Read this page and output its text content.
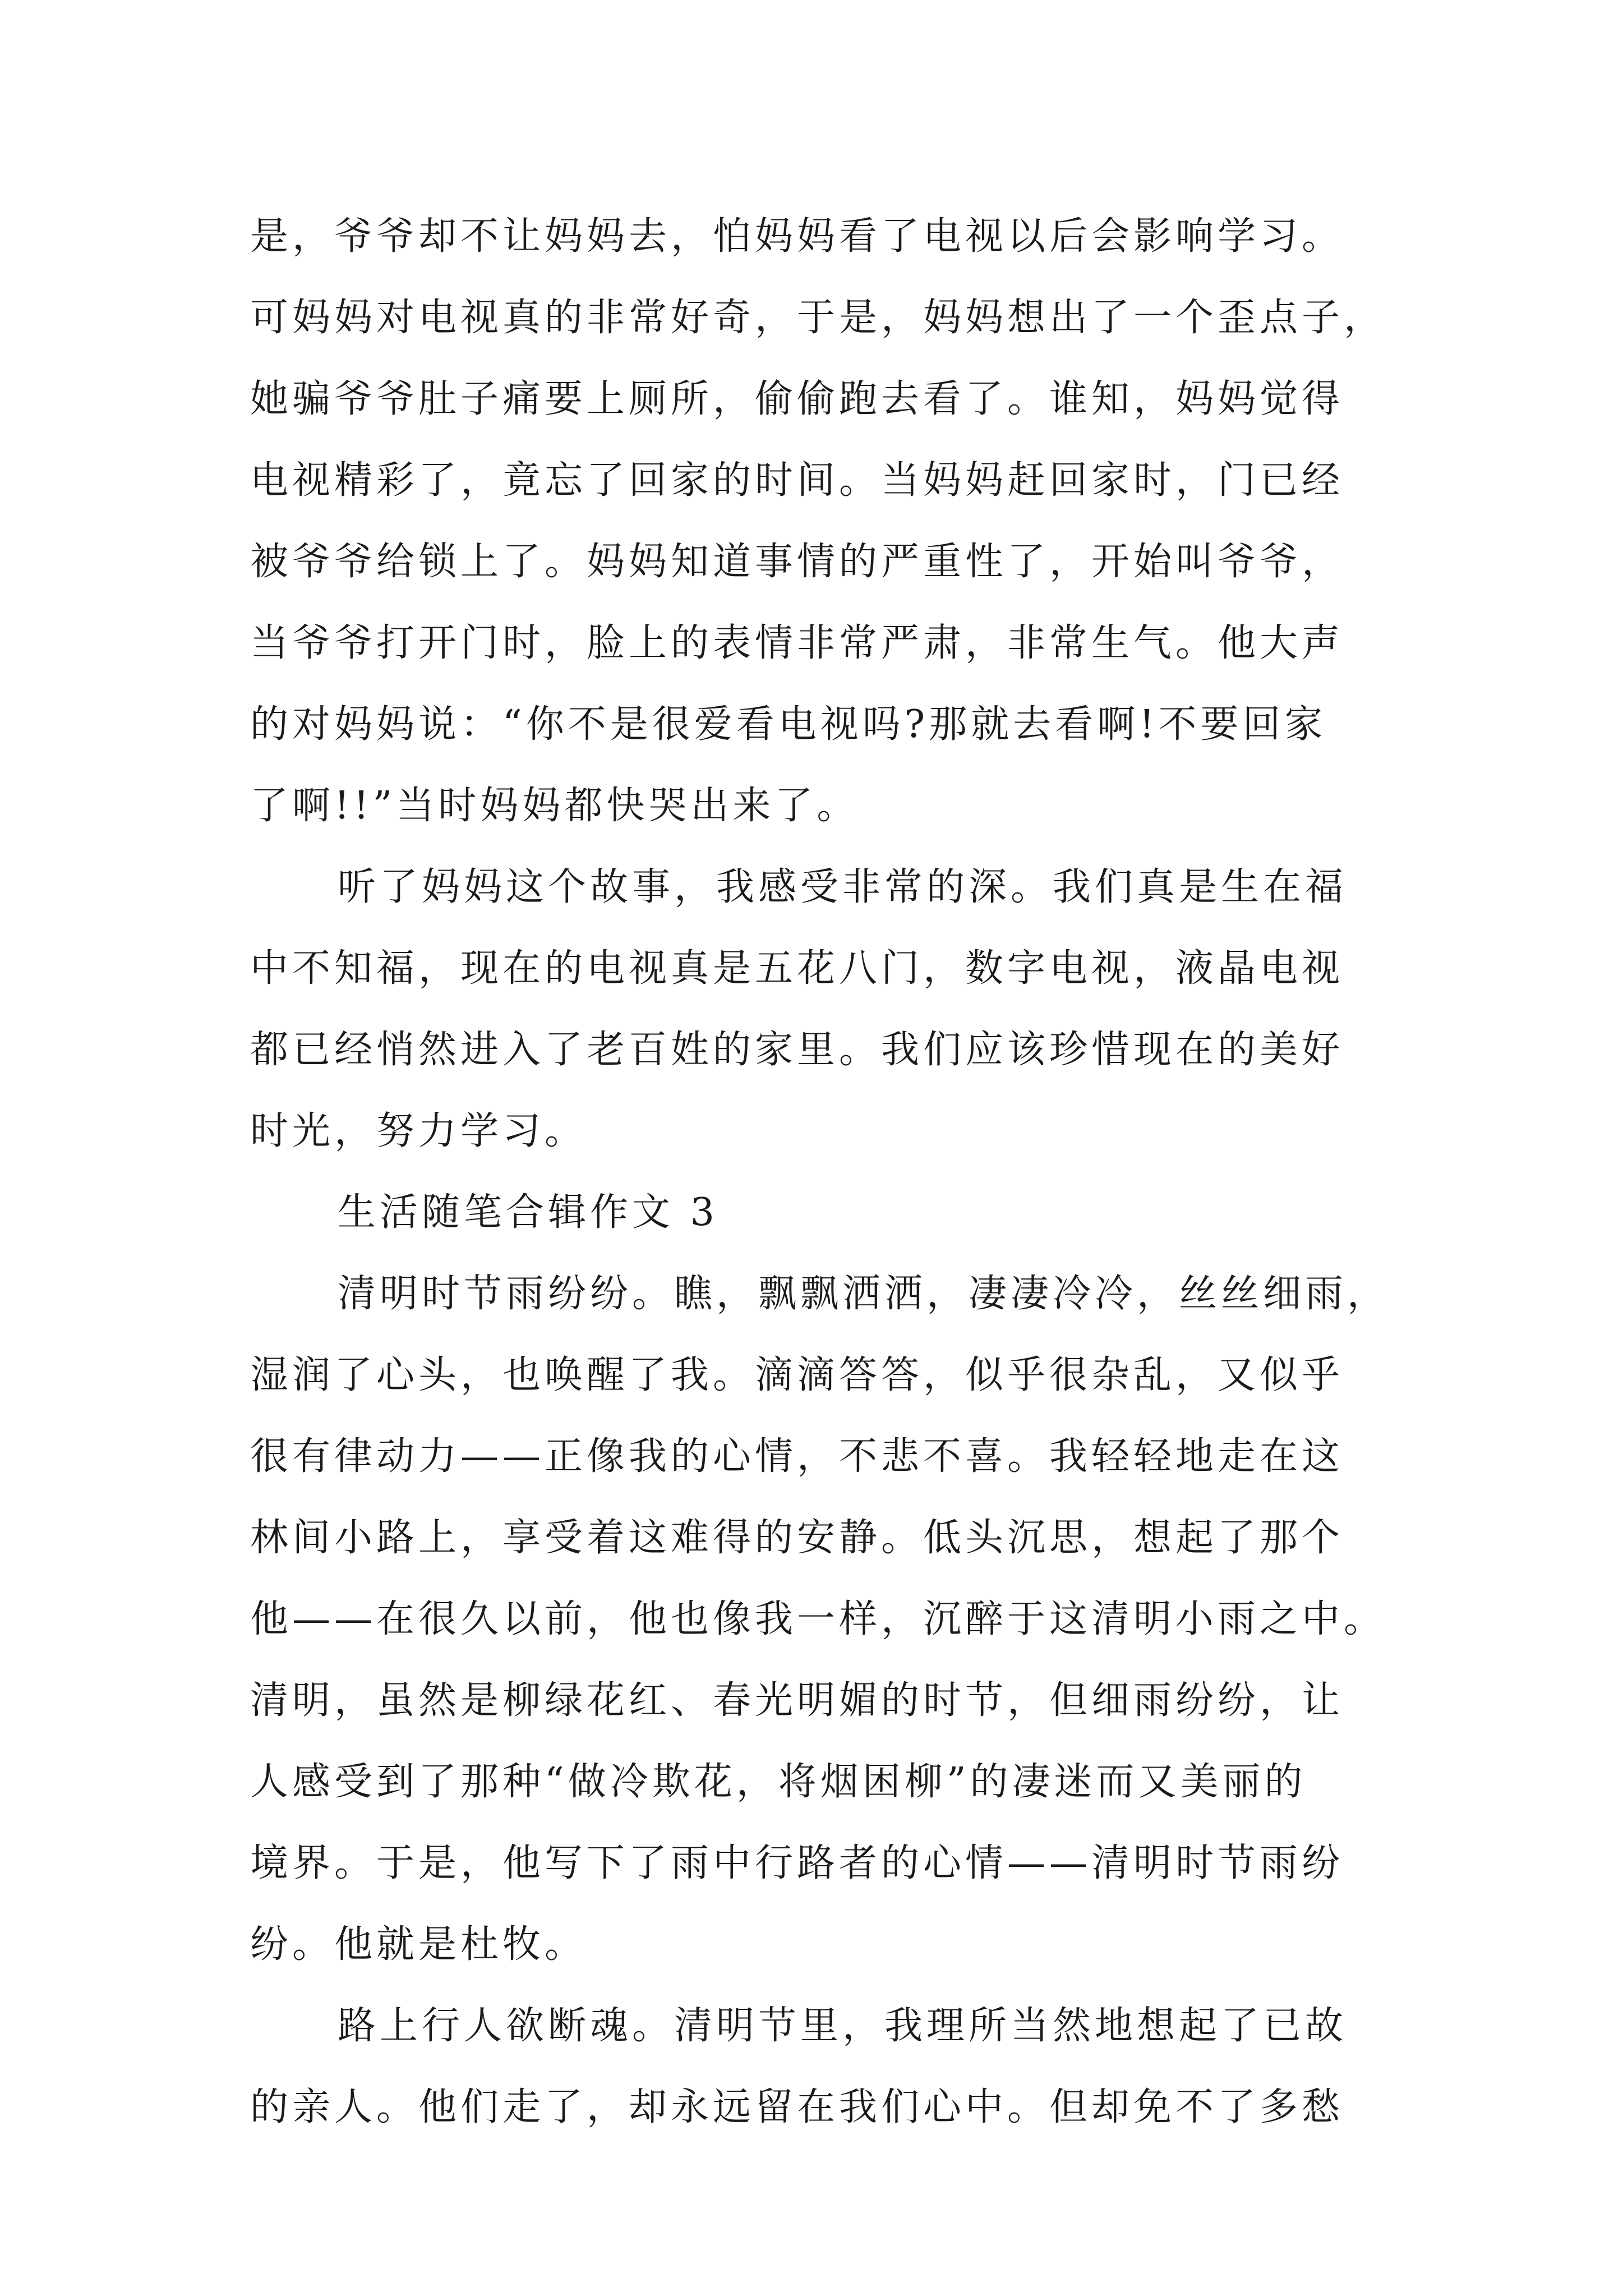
是，爷爷却不让妈妈去，怕妈妈看了电视以后会影响学习。
可妈妈对电视真的非常好奇，于是，妈妈想出了一个歪点子，
她骗爷爷肚子痛要上厕所，偷偷跑去看了。谁知，妈妈觉得
电视精彩了，竟忘了回家的时间。当妈妈赶回家时，门已经
被爷爷给锁上了。妈妈知道事情的严重性了，开始叫爷爷，
当爷爷打开门时，脸上的表情非常严肃，非常生气。他大声
的对妈妈说：“你不是很爱看电视吗?那就去看啊!不要回家
了啊!!”当时妈妈都快哭出来了。
听了妈妈这个故事，我感受非常的深。我们真是生在福
中不知福，现在的电视真是五花八门，数字电视，液晶电视
都已经悄然进入了老百姓的家里。我们应该珍惜现在的美好
时光，努力学习。
生活随笔合辑作文 3
清明时节雨纷纷。瞧，飘飘洒洒，凄凄冷冷，丝丝细雨，
湿润了心头，也唤醒了我。滴滴答答，似乎很杂乱，又似乎
很有律动力——正像我的心情，不悲不喜。我轻轻地走在这
林间小路上，享受着这难得的安静。低头沉思，想起了那个
他——在很久以前，他也像我一样，沉醉于这清明小雨之中。
清明，虽然是柳绿花红、春光明媚的时节，但细雨纷纷，让
人感受到了那种“做冷欺花，将烟困柳”的凄迷而又美丽的
境界。于是，他写下了雨中行路者的心情——清明时节雨纷
纷。他就是杜牧。
路上行人欲断魂。清明节里，我理所当然地想起了已故
的亲人。他们走了，却永远留在我们心中。但却免不了多愁
